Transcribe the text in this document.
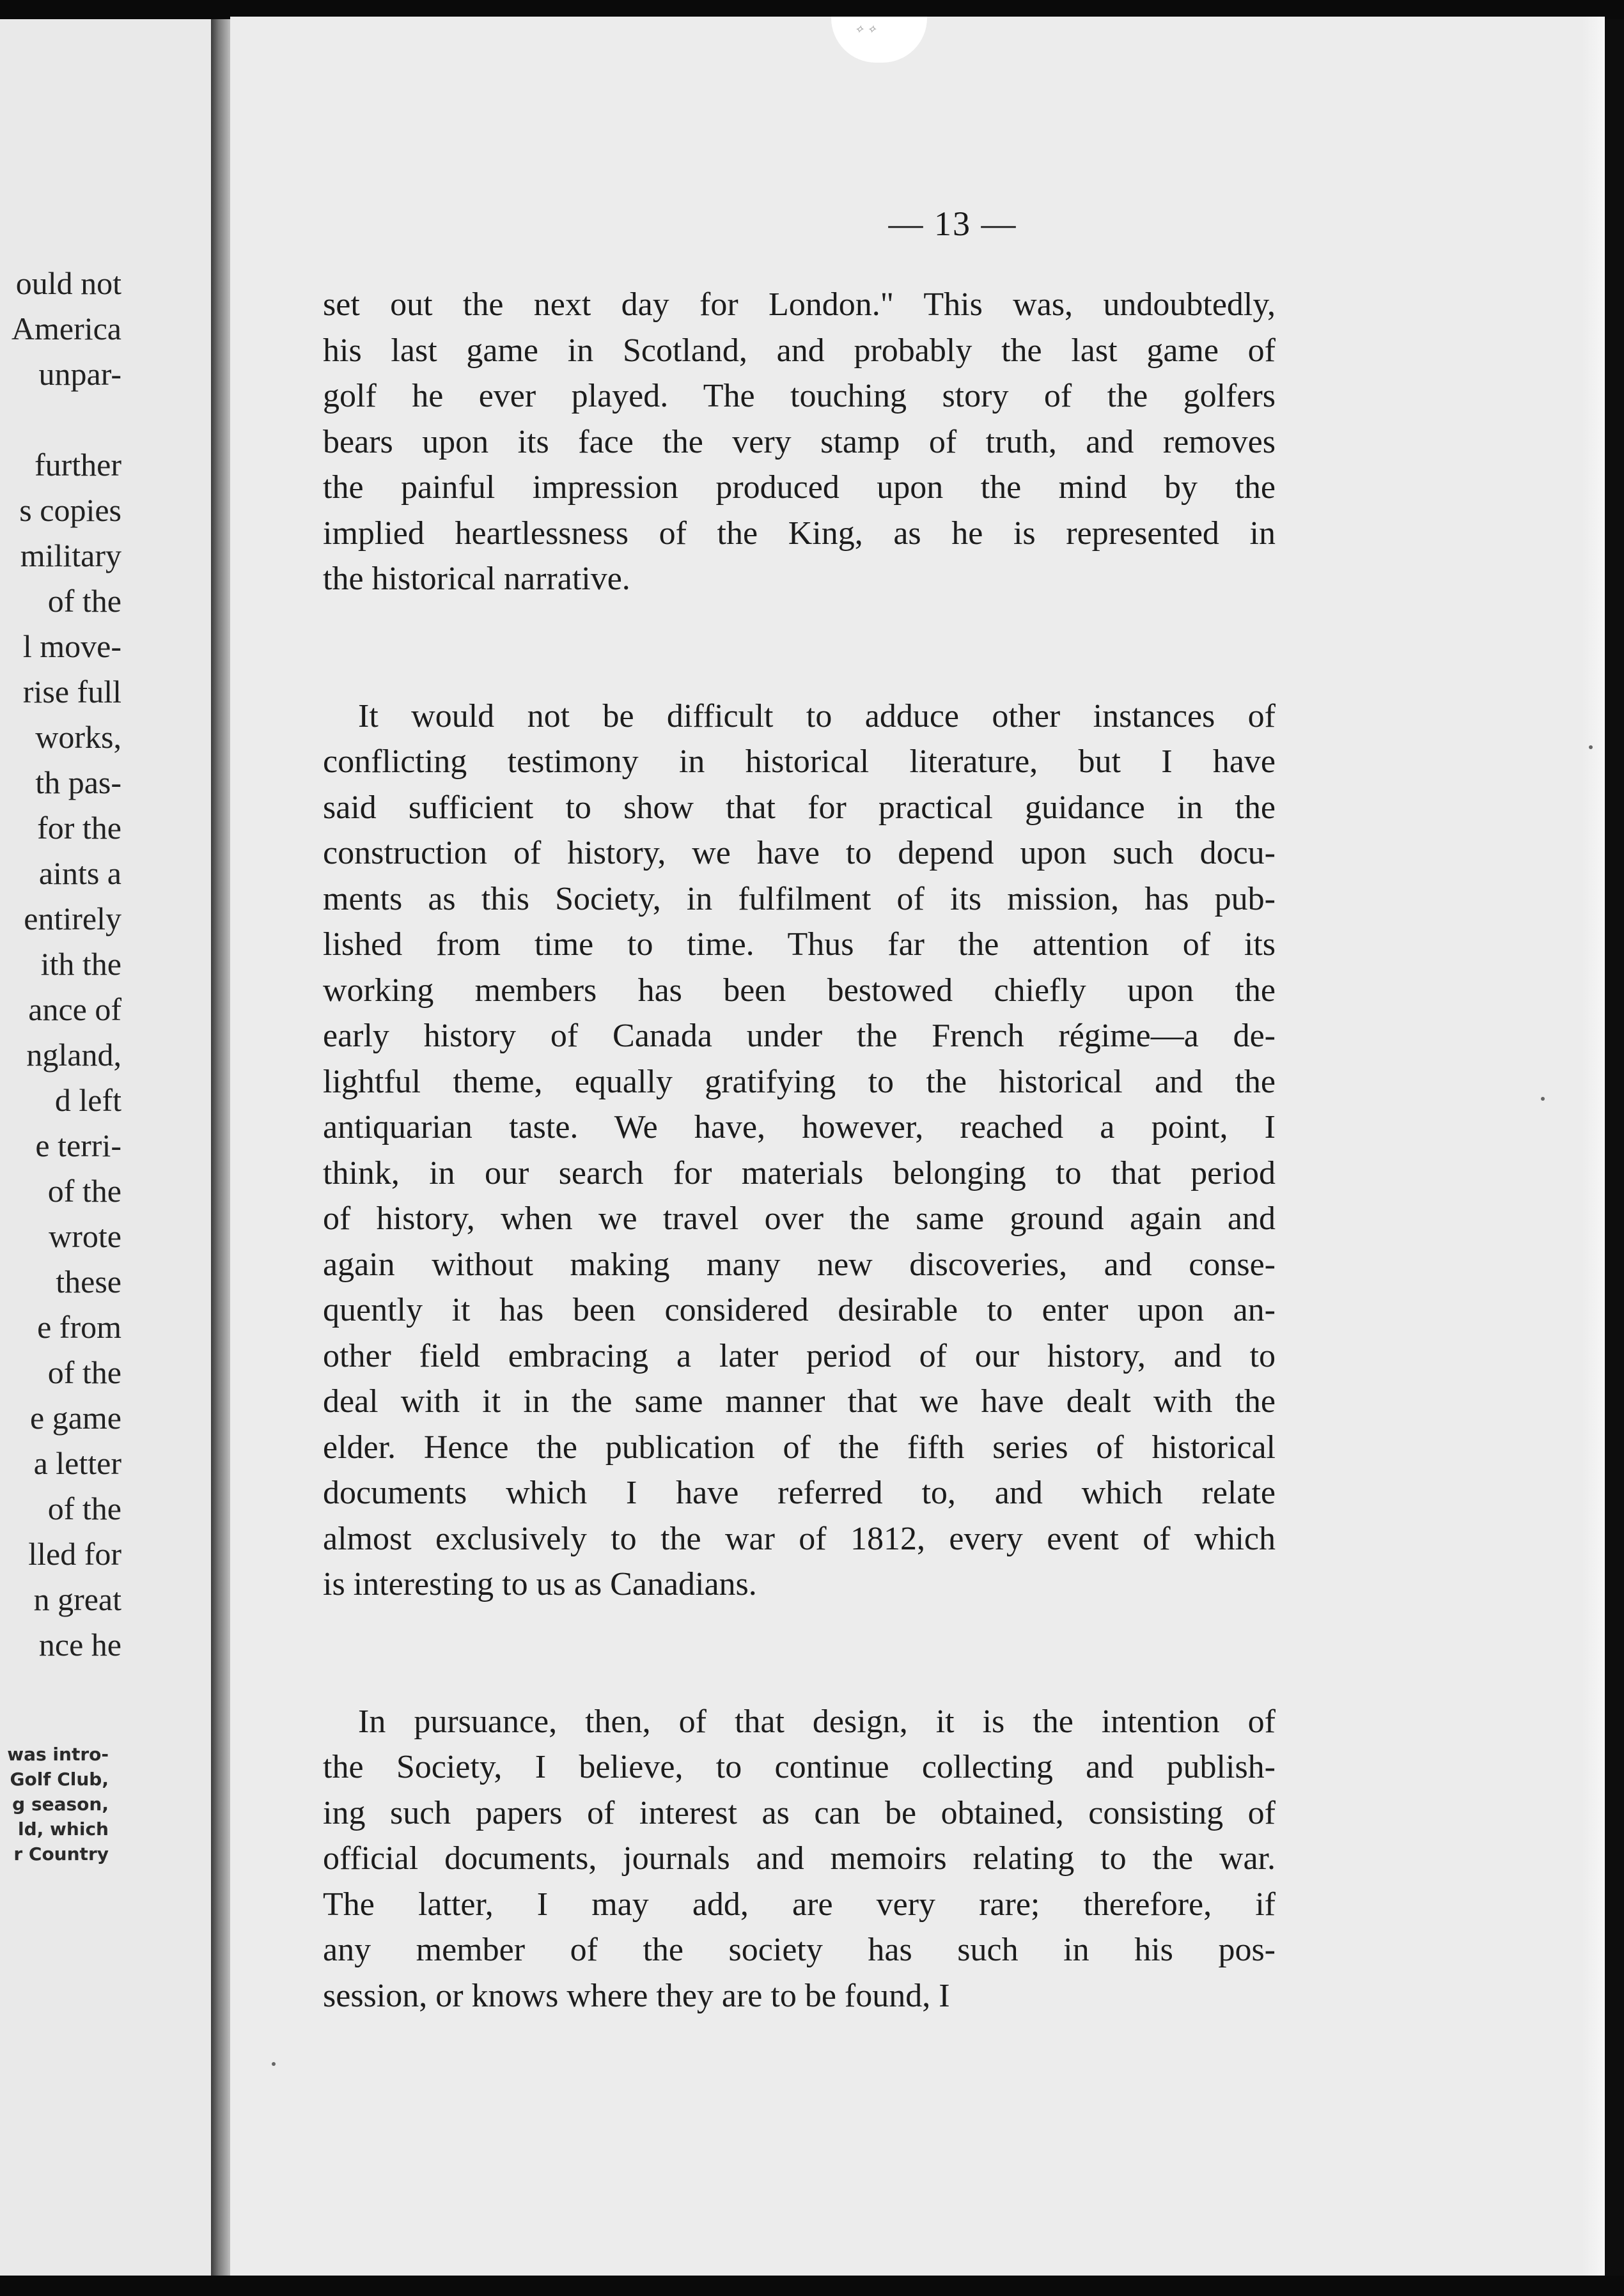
ould not
America
unpar-

further
s copies
military
of the
l move-
rise full
works,
th pas-
for the
aints a
entirely
ith the
ance of
ngland,
d left
e terri-
of the
wrote
these
e from
of the
e game
a letter
of the
lled for
n great
nce he
was intro-
Golf Club,
g season,
ld, which
r Country
✧ ✧
— 13 —
set out the next day for London." This was, undoubtedly,
his last game in Scotland, and probably the last game of
golf he ever played. The touching story of the golfers
bears upon its face the very stamp of truth, and removes
the painful impression produced upon the mind by the
implied heartlessness of the King, as he is represented in
the historical narrative.
It would not be difficult to adduce other instances of
conflicting testimony in historical literature, but I have
said sufficient to show that for practical guidance in the
construction of history, we have to depend upon such docu-
ments as this Society, in fulfilment of its mission, has pub-
lished from time to time. Thus far the attention of its
working members has been bestowed chiefly upon the
early history of Canada under the French régime—a de-
lightful theme, equally gratifying to the historical and the
antiquarian taste. We have, however, reached a point, I
think, in our search for materials belonging to that period
of history, when we travel over the same ground again and
again without making many new discoveries, and conse-
quently it has been considered desirable to enter upon an-
other field embracing a later period of our history, and to
deal with it in the same manner that we have dealt with the
elder. Hence the publication of the fifth series of historical
documents which I have referred to, and which relate
almost exclusively to the war of 1812, every event of which
is interesting to us as Canadians.
In pursuance, then, of that design, it is the intention of
the Society, I believe, to continue collecting and publish-
ing such papers of interest as can be obtained, consisting of
official documents, journals and memoirs relating to the war.
The latter, I may add, are very rare; therefore, if
any member of the society has such in his pos-
session, or knows where they are to be found, I
